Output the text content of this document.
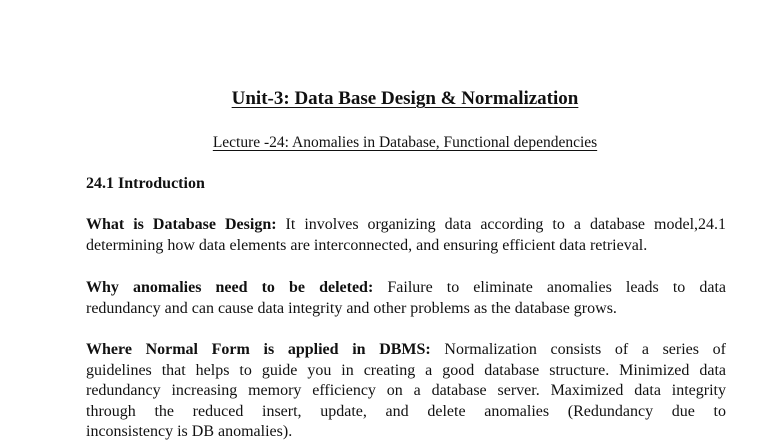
Unit-3: Data Base Design & Normalization
Lecture -24: Anomalies in Database, Functional dependencies
24.1 Introduction
What is Database Design: It involves organizing data according to a database model,24.1
determining how data elements are interconnected, and ensuring efficient data retrieval.
Why anomalies need to be deleted: Failure to eliminate anomalies leads to data
redundancy and can cause data integrity and other problems as the database grows.
Where Normal Form is applied in DBMS: Normalization consists of a series of
guidelines that helps to guide you in creating a good database structure. Minimized data
redundancy increasing memory efficiency on a database server. Maximized data integrity
through the reduced insert, update, and delete anomalies (Redundancy due to
inconsistency is DB anomalies).
